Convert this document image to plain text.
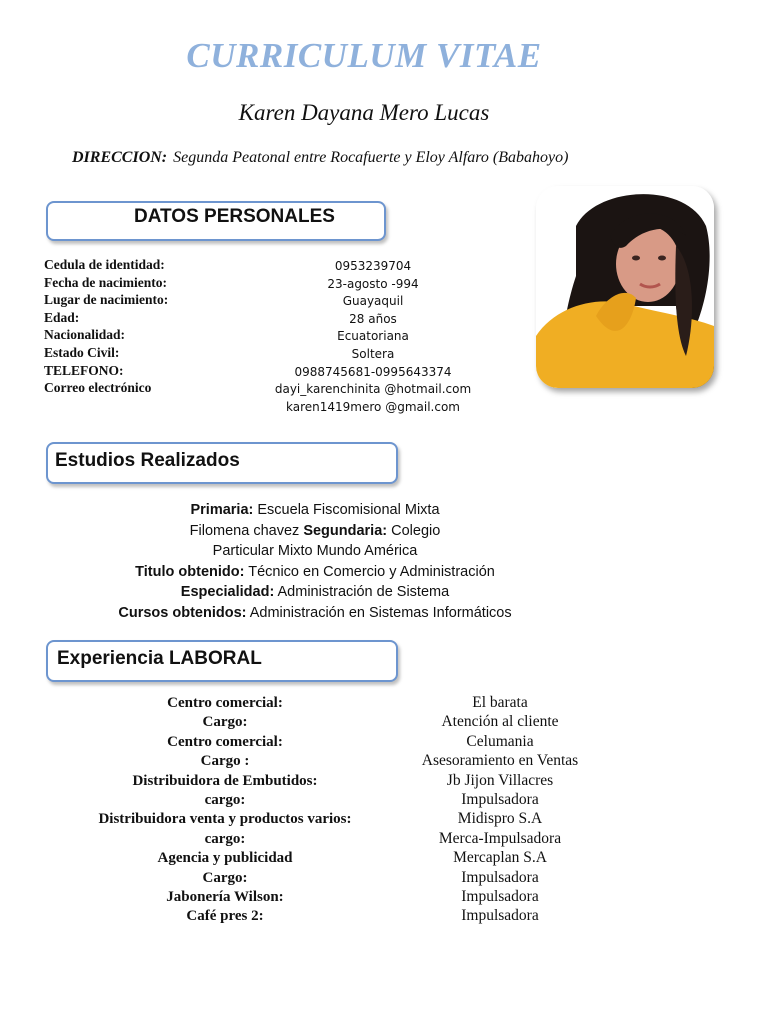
CURRICULUM VITAE
Karen Dayana Mero Lucas
DIRECCION: Segunda Peatonal entre Rocafuerte y Eloy Alfaro (Babahoyo)
DATOS PERSONALES
Cedula de identidad:
Fecha de nacimiento:
Lugar de nacimiento:
Edad:
Nacionalidad:
Estado Civil:
TELEFONO:
Correo electrónico
0953239704
23-agosto -994
Guayaquil
28 años
Ecuatoriana
Soltera
0988745681-0995643374
dayi_karenchinita @hotmail.com
karen1419mero @gmail.com
Estudios Realizados
Primaria: Escuela Fiscomisional Mixta
Filomena chavez Segundaria: Colegio
Particular Mixto Mundo América
Titulo obtenido: Técnico en Comercio y Administración
Especialidad: Administración de Sistema
Cursos obtenidos: Administración en Sistemas Informáticos
Experiencia LABORAL
Centro comercial:
Cargo:
Centro comercial:
Cargo :
Distribuidora de Embutidos:
cargo:
Distribuidora venta y productos varios:
cargo:
Agencia y publicidad
Cargo:
Jabonería Wilson:
Café pres 2:
El barata
Atención al cliente
Celumania
Asesoramiento en Ventas
Jb Jijon Villacres
Impulsadora
Midispro S.A
Merca-Impulsadora
Mercaplan S.A
Impulsadora
Impulsadora
Impulsadora
